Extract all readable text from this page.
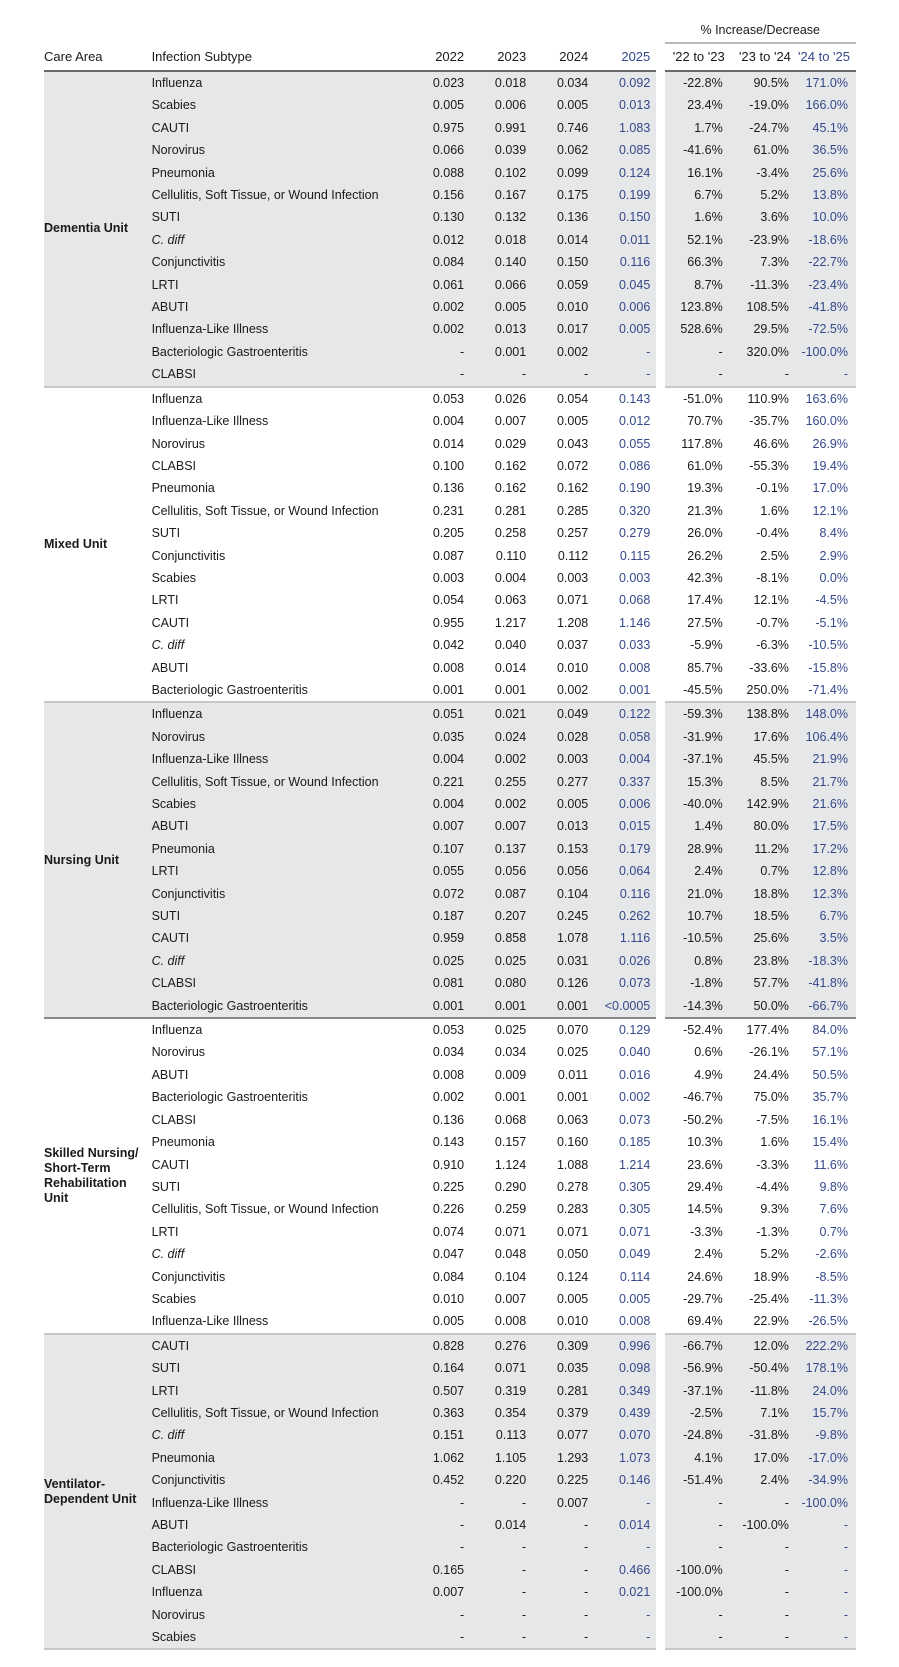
							% Increase/Decrease		
Care Area	Infection Subtype	2022	2023	2024	2025		'22 to '23	'23 to '24	'24 to '25
Dementia Unit	Influenza	0.023	0.018	0.034	0.092		-22.8%	90.5%	171.0%
	Scabies	0.005	0.006	0.005	0.013		23.4%	-19.0%	166.0%
	CAUTI	0.975	0.991	0.746	1.083		1.7%	-24.7%	45.1%
	Norovirus	0.066	0.039	0.062	0.085		-41.6%	61.0%	36.5%
	Pneumonia	0.088	0.102	0.099	0.124		16.1%	-3.4%	25.6%
	Cellulitis, Soft Tissue, or Wound Infection	0.156	0.167	0.175	0.199		6.7%	5.2%	13.8%
	SUTI	0.130	0.132	0.136	0.150		1.6%	3.6%	10.0%
	C. diff	0.012	0.018	0.014	0.011		52.1%	-23.9%	-18.6%
	Conjunctivitis	0.084	0.140	0.150	0.116		66.3%	7.3%	-22.7%
	LRTI	0.061	0.066	0.059	0.045		8.7%	-11.3%	-23.4%
	ABUTI	0.002	0.005	0.010	0.006		123.8%	108.5%	-41.8%
	Influenza-Like Illness	0.002	0.013	0.017	0.005		528.6%	29.5%	-72.5%
	Bacteriologic Gastroenteritis	-	0.001	0.002	-		-	320.0%	-100.0%
	CLABSI	-	-	-	-		-	-	-
Mixed Unit	Influenza	0.053	0.026	0.054	0.143		-51.0%	110.9%	163.6%
	Influenza-Like Illness	0.004	0.007	0.005	0.012		70.7%	-35.7%	160.0%
	Norovirus	0.014	0.029	0.043	0.055		117.8%	46.6%	26.9%
	CLABSI	0.100	0.162	0.072	0.086		61.0%	-55.3%	19.4%
	Pneumonia	0.136	0.162	0.162	0.190		19.3%	-0.1%	17.0%
	Cellulitis, Soft Tissue, or Wound Infection	0.231	0.281	0.285	0.320		21.3%	1.6%	12.1%
	SUTI	0.205	0.258	0.257	0.279		26.0%	-0.4%	8.4%
	Conjunctivitis	0.087	0.110	0.112	0.115		26.2%	2.5%	2.9%
	Scabies	0.003	0.004	0.003	0.003		42.3%	-8.1%	0.0%
	LRTI	0.054	0.063	0.071	0.068		17.4%	12.1%	-4.5%
	CAUTI	0.955	1.217	1.208	1.146		27.5%	-0.7%	-5.1%
	C. diff	0.042	0.040	0.037	0.033		-5.9%	-6.3%	-10.5%
	ABUTI	0.008	0.014	0.010	0.008		85.7%	-33.6%	-15.8%
	Bacteriologic Gastroenteritis	0.001	0.001	0.002	0.001		-45.5%	250.0%	-71.4%
Nursing Unit	Influenza	0.051	0.021	0.049	0.122		-59.3%	138.8%	148.0%
	Norovirus	0.035	0.024	0.028	0.058		-31.9%	17.6%	106.4%
	Influenza-Like Illness	0.004	0.002	0.003	0.004		-37.1%	45.5%	21.9%
	Cellulitis, Soft Tissue, or Wound Infection	0.221	0.255	0.277	0.337		15.3%	8.5%	21.7%
	Scabies	0.004	0.002	0.005	0.006		-40.0%	142.9%	21.6%
	ABUTI	0.007	0.007	0.013	0.015		1.4%	80.0%	17.5%
	Pneumonia	0.107	0.137	0.153	0.179		28.9%	11.2%	17.2%
	LRTI	0.055	0.056	0.056	0.064		2.4%	0.7%	12.8%
	Conjunctivitis	0.072	0.087	0.104	0.116		21.0%	18.8%	12.3%
	SUTI	0.187	0.207	0.245	0.262		10.7%	18.5%	6.7%
	CAUTI	0.959	0.858	1.078	1.116		-10.5%	25.6%	3.5%
	C. diff	0.025	0.025	0.031	0.026		0.8%	23.8%	-18.3%
	CLABSI	0.081	0.080	0.126	0.073		-1.8%	57.7%	-41.8%
	Bacteriologic Gastroenteritis	0.001	0.001	0.001	<0.0005		-14.3%	50.0%	-66.7%
Skilled Nursing/ Short-Term Rehabilitation Unit	Influenza	0.053	0.025	0.070	0.129		-52.4%	177.4%	84.0%
	Norovirus	0.034	0.034	0.025	0.040		0.6%	-26.1%	57.1%
	ABUTI	0.008	0.009	0.011	0.016		4.9%	24.4%	50.5%
	Bacteriologic Gastroenteritis	0.002	0.001	0.001	0.002		-46.7%	75.0%	35.7%
	CLABSI	0.136	0.068	0.063	0.073		-50.2%	-7.5%	16.1%
	Pneumonia	0.143	0.157	0.160	0.185		10.3%	1.6%	15.4%
	CAUTI	0.910	1.124	1.088	1.214		23.6%	-3.3%	11.6%
	SUTI	0.225	0.290	0.278	0.305		29.4%	-4.4%	9.8%
	Cellulitis, Soft Tissue, or Wound Infection	0.226	0.259	0.283	0.305		14.5%	9.3%	7.6%
	LRTI	0.074	0.071	0.071	0.071		-3.3%	-1.3%	0.7%
	C. diff	0.047	0.048	0.050	0.049		2.4%	5.2%	-2.6%
	Conjunctivitis	0.084	0.104	0.124	0.114		24.6%	18.9%	-8.5%
	Scabies	0.010	0.007	0.005	0.005		-29.7%	-25.4%	-11.3%
	Influenza-Like Illness	0.005	0.008	0.010	0.008		69.4%	22.9%	-26.5%
Ventilator-Dependent Unit	CAUTI	0.828	0.276	0.309	0.996		-66.7%	12.0%	222.2%
	SUTI	0.164	0.071	0.035	0.098		-56.9%	-50.4%	178.1%
	LRTI	0.507	0.319	0.281	0.349		-37.1%	-11.8%	24.0%
	Cellulitis, Soft Tissue, or Wound Infection	0.363	0.354	0.379	0.439		-2.5%	7.1%	15.7%
	C. diff	0.151	0.113	0.077	0.070		-24.8%	-31.8%	-9.8%
	Pneumonia	1.062	1.105	1.293	1.073		4.1%	17.0%	-17.0%
	Conjunctivitis	0.452	0.220	0.225	0.146		-51.4%	2.4%	-34.9%
	Influenza-Like Illness	-	-	0.007	-		-	-	-100.0%
	ABUTI	-	0.014	-	0.014		-	-100.0%	-
	Bacteriologic Gastroenteritis	-	-	-	-		-	-	-
	CLABSI	0.165	-	-	0.466		-100.0%	-	-
	Influenza	0.007	-	-	0.021		-100.0%	-	-
	Norovirus	-	-	-	-		-	-	-
	Scabies	-	-	-	-		-	-	-
